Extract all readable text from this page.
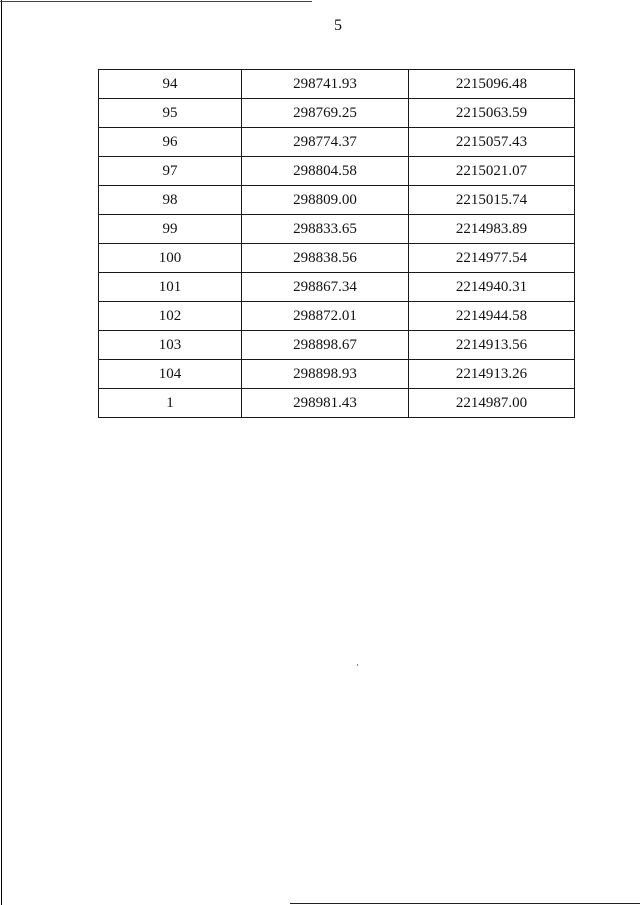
5
94	298741.93	2215096.48
95	298769.25	2215063.59
96	298774.37	2215057.43
97	298804.58	2215021.07
98	298809.00	2215015.74
99	298833.65	2214983.89
100	298838.56	2214977.54
101	298867.34	2214940.31
102	298872.01	2214944.58
103	298898.67	2214913.56
104	298898.93	2214913.26
1	298981.43	2214987.00
